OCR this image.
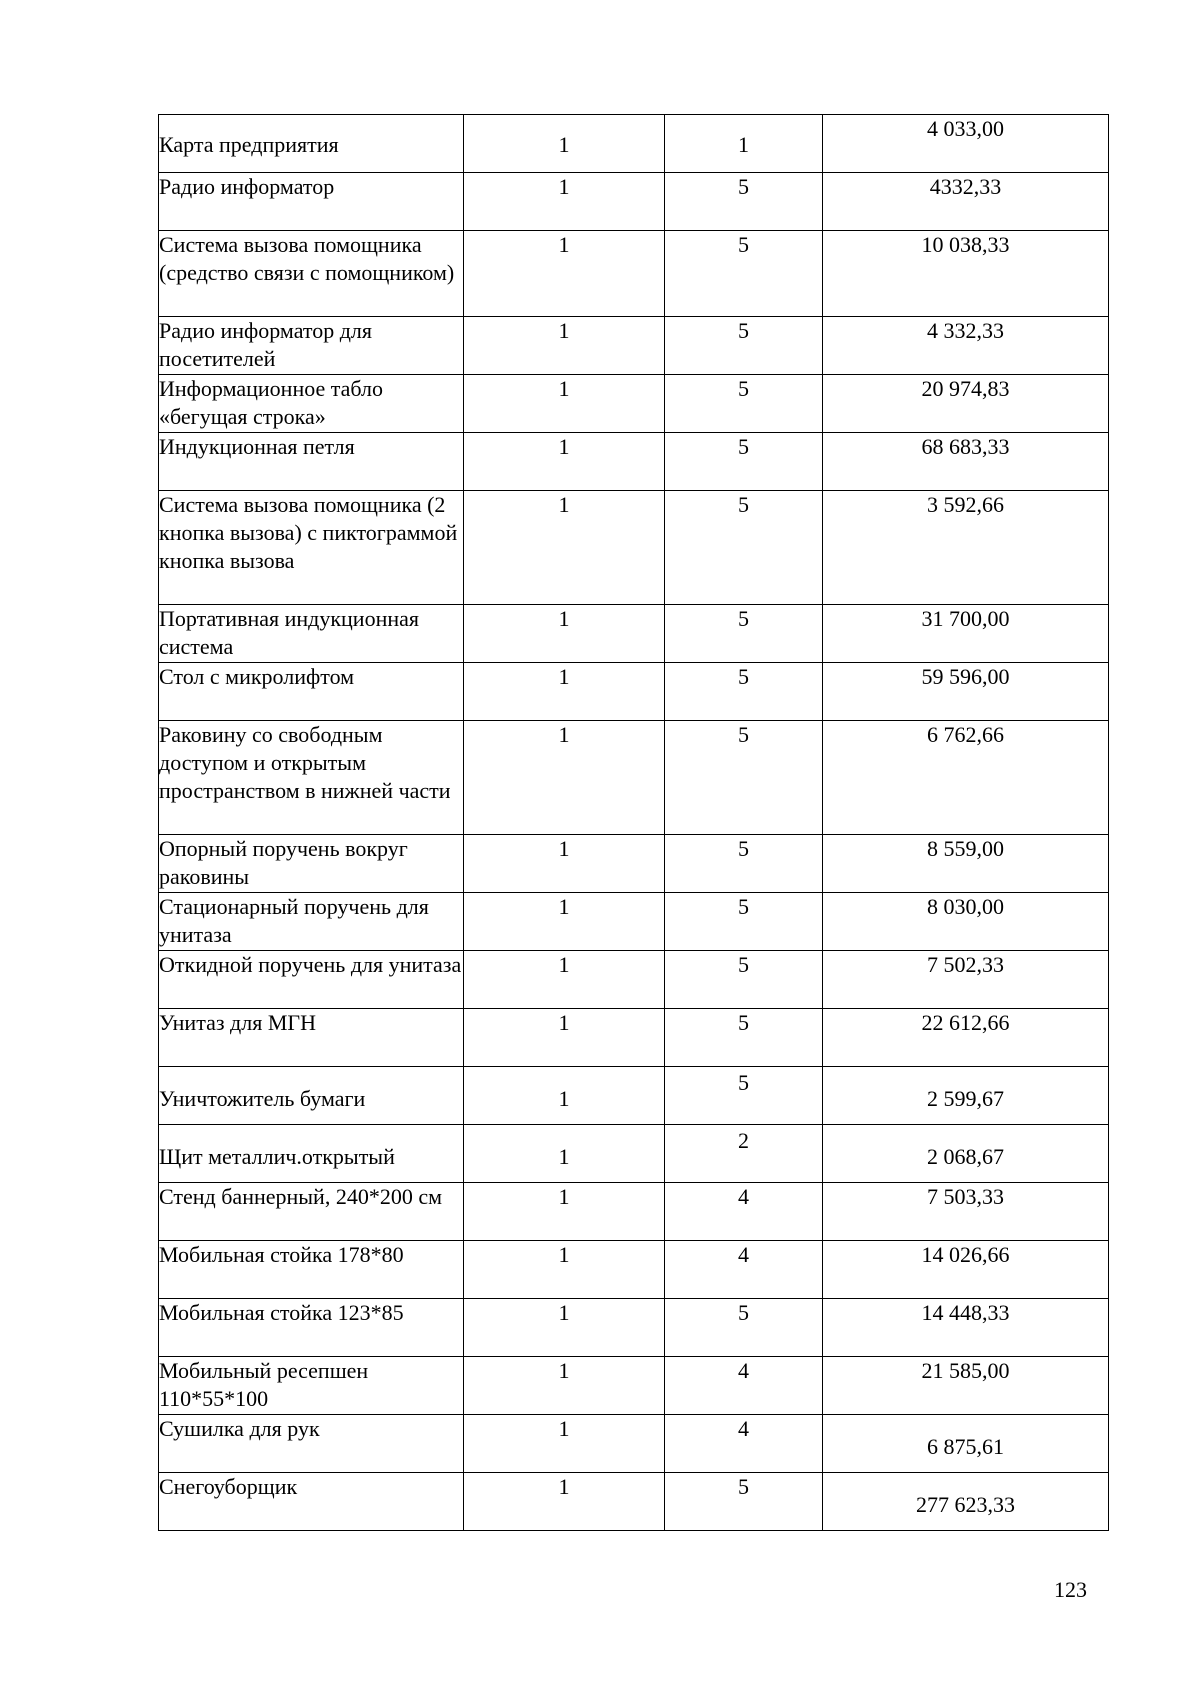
Карта предприятия	1	1	4 033,00
Радио информатор	1	5	4332,33
Система вызова помощника (средство связи с помощником)	1	5	10 038,33
Радио информатор для посетителей	1	5	4 332,33
Информационное табло «бегущая строка»	1	5	20 974,83
Индукционная петля	1	5	68 683,33
Система вызова помощника (2 кнопка вызова) с пиктограммой кнопка вызова	1	5	3 592,66
Портативная индукционная система	1	5	31 700,00
Стол с микролифтом	1	5	59 596,00
Раковину со свободным доступом и открытым пространством в нижней части	1	5	6 762,66
Опорный поручень вокруг раковины	1	5	8 559,00
Стационарный поручень для унитаза	1	5	8 030,00
Откидной поручень для унитаза	1	5	7 502,33
Унитаз для МГН	1	5	22 612,66
Уничтожитель бумаги	1	5	2 599,67
Щит металлич.открытый	1	2	2 068,67
Стенд баннерный, 240*200 см	1	4	7 503,33
Мобильная стойка 178*80	1	4	14 026,66
Мобильная стойка 123*85	1	5	14 448,33
Мобильный ресепшен 110*55*100	1	4	21 585,00
Сушилка для рук	1	4	6 875,61
Снегоуборщик	1	5	277 623,33
123
